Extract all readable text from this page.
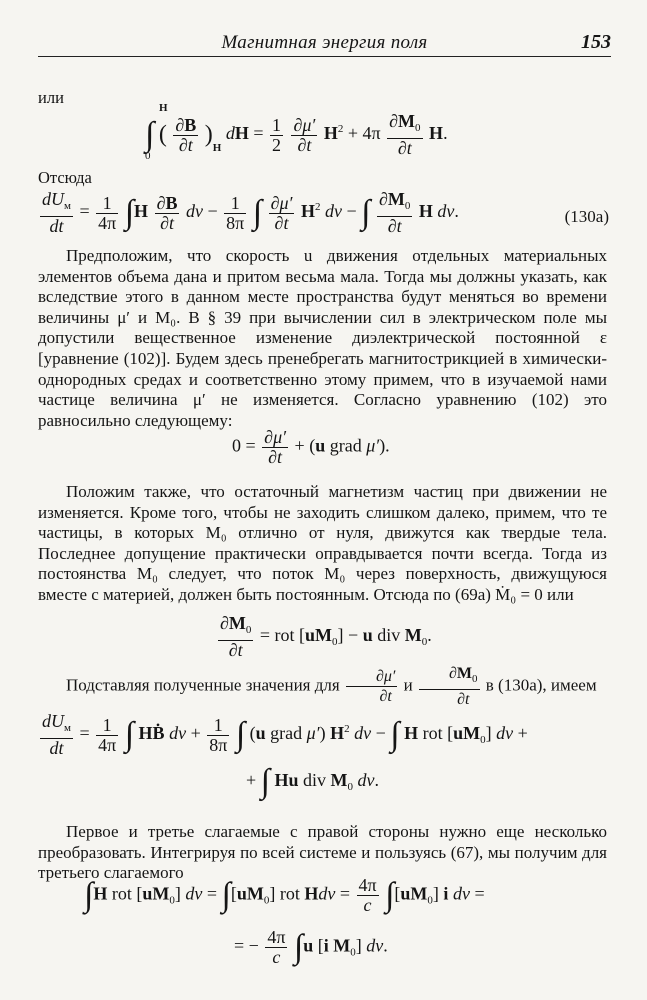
Магнитная энергия поля	153
или
H
0
∫ ( $\frac{\partial B}{\partial t} )_H$ dH = $\frac{1}{2}$
$\frac{\partial\mu'}{\partial t} H^2 + 4\pi \frac{\partial M_0}{\partial t} H$.
Отсюда
$\frac{dU_м}{dt} = \frac{1}{4\pi} \int H \frac{\partial B}{\partial t}$ dv − $\frac{1}{8\pi}$ ∫ $\frac{\partial\mu'}{\partial t} H^2$ dv − ∫ $\frac{\partial M_0}{\partial t}$ H dv.	(130a)
Предположим, что скорость u движения отдельных материальных элементов объема дана и притом весьма мала. Тогда мы должны указать, как вследствие этого в данном месте пространства будут меняться во времени величины μ′ и M₀. В § 39 при вычислении сил в электрическом поле мы допустили вещественное изменение диэлектрической постоянной ε [уравнение (102)]. Будем здесь пренебрегать магнитострикцией в химически-однородных средах и соответственно этому примем, что в изучаемой нами частице величина μ′ не изменяется. Согласно уравнению (102) это равносильно следующему:
$0 = \frac{\partial\mu'}{\partial t} + (u$ grad μ′).
Положим также, что остаточный магнетизм частиц при движении не изменяется. Кроме того, чтобы не заходить слишком далеко, примем, что те частицы, в которых M₀ отлично от нуля, движутся как твердые тела. Последнее допущение практически оправдывается почти всегда. Тогда из постоянства M₀ следует, что поток M₀ через поверхность, движущуюся вместе с материей, должен быть постоянным. Отсюда по (69a) Ṁ₀ = 0 или
$\frac{\partial M_0}{\partial t}$ = rot $[uM_0] - u$ div $M_0$.
Подставляя полученные значения для $\frac{\partial\mu'}{\partial t}$ и $\frac{\partial M_0}{\partial t}$ в (130a), имеем
$\frac{dU_м}{dt} = \frac{1}{4\pi}$ ∫ HḂ dv + $\frac{1}{8\pi}$ ∫ (u grad μ′) $H^2$ dv − ∫ H rot $[uM_0]$ dv +
+ ∫ Hu div $M_0$ dv.
Первое и третье слагаемые с правой стороны нужно еще несколько преобразовать. Интегрируя по всей системе и пользуясь (67), мы получим для третьего слагаемого
∫H rot $[uM_0]$ dv = $\int[uM_0]$ rot Hdv = $\frac{4\pi}{c} \int[uM_0]$ i dv =
= − $\frac{4\pi}{c} \int u$ [i $M_0$] dv.
